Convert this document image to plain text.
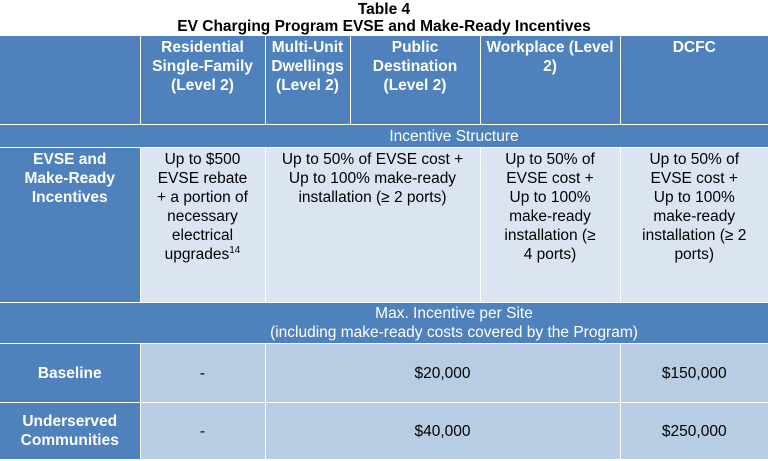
Table 4
EV Charging Program EVSE and Make-Ready Incentives
	Residential Single-Family (Level 2)	Multi-Unit Dwellings (Level 2)	Public Destination (Level 2)	Workplace (Level 2)	DCFC
	Incentive Structure				
EVSE and Make-Ready Incentives	Up to $500 EVSE rebate + a portion of necessary electrical upgrades$^{14}$	Up to 50% of EVSE cost + Up to 100% make-ready installation (≥ 2 ports)		Up to 50% of EVSE cost + Up to 100% make-ready installation (≥ 4 ports)	Up to 50% of EVSE cost + Up to 100% make-ready installation (≥ 2 ports)

	Max. Incentive per Site
(including make-ready costs covered by the Program)				

Baseline	-	$20,000			$150,000
Underserved Communities	-	$40,000			$250,000
